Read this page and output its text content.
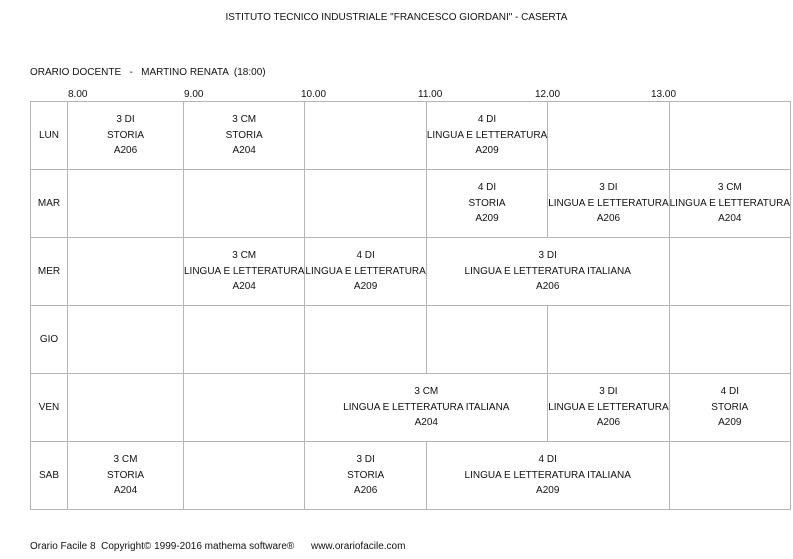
ISTITUTO TECNICO INDUSTRIALE "FRANCESCO GIORDANI" - CASERTA
ORARIO DOCENTE   -   MARTINO RENATA  (18:00)
8.00	9.00	10.00	11.00	12.00	13.00
LUN	3 DI
STORIA
A206	3 CM
STORIA
A204		4 DI
LINGUA E LETTERATURA
A209		

MAR				4 DI
STORIA
A209	3 DI
LINGUA E LETTERATURA
A206	3 CM
LINGUA E LETTERATURA
A204

MER		3 CM
LINGUA E LETTERATURA
A204	4 DI
LINGUA E LETTERATURA
A209	3 DI
LINGUA E LETTERATURA ITALIANA
A206		

GIO						
VEN			3 CM
LINGUA E LETTERATURA ITALIANA
A204		3 DI
LINGUA E LETTERATURA
A206	4 DI
STORIA
A209

SAB	3 CM
STORIA
A204		3 DI
STORIA
A206	4 DI
LINGUA E LETTERATURA ITALIANA
A209		

Orario Facile 8  Copyright© 1999-2016 mathema software®      www.orariofacile.com
